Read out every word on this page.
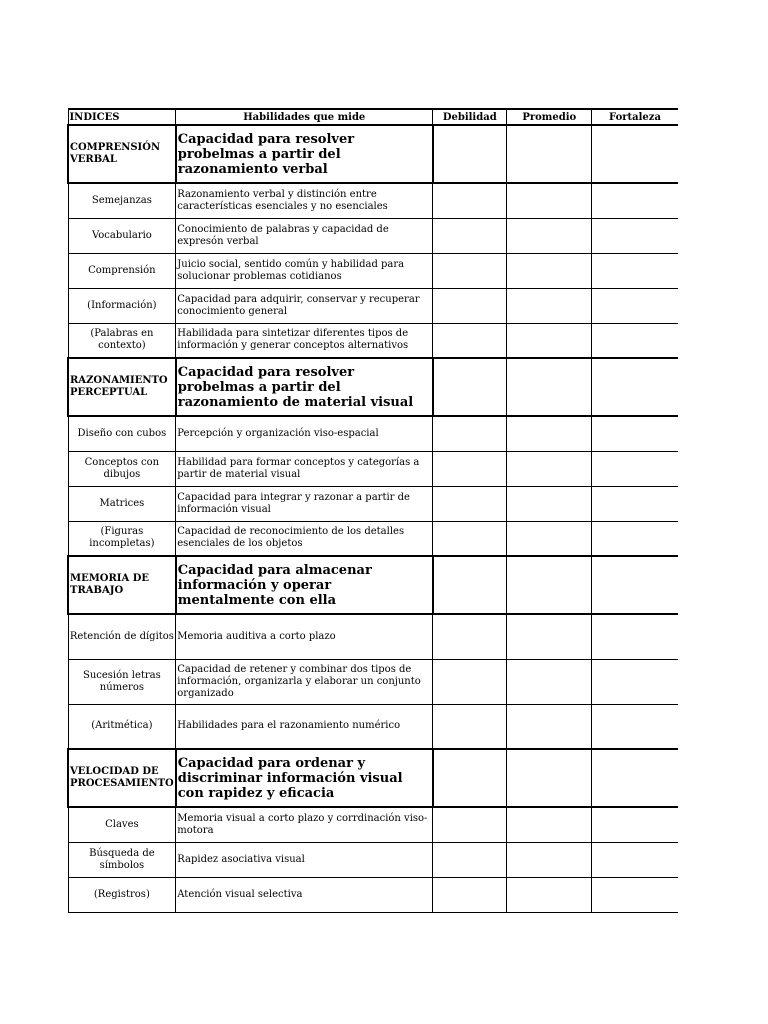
INDICES	Habilidades que mide	Debilidad	Promedio	Fortaleza
COMPRENSIÓN VERBAL	Capacidad para resolver probelmas a partir del razonamiento verbal			
Semejanzas	Razonamiento verbal y distinción entre características esenciales y no esenciales			
Vocabulario	Conocimiento de palabras y capacidad de expresón verbal			
Comprensión	Juicio social, sentido común y habilidad para solucionar problemas cotidianos			
(Información)	Capacidad para adquirir, conservar y recuperar conocimiento general			
(Palabras en contexto)	Habilidada para sintetizar diferentes tipos de información y generar conceptos alternativos			
RAZONAMIENTO PERCEPTUAL	Capacidad para resolver probelmas a partir del razonamiento de material visual			
Diseño con cubos	Percepción y organización viso-espacial			
Conceptos con dibujos	Habilidad para formar conceptos y categorías a partir de material visual			
Matrices	Capacidad para integrar y razonar a partir de información visual			
(Figuras incompletas)	Capacidad de reconocimiento de los detalles esenciales de los objetos			
MEMORIA DE TRABAJO	Capacidad para almacenar información y operar mentalmente con ella			
Retención de dígitos	Memoria auditiva a corto plazo			
Sucesión letras números	Capacidad de retener y combinar dos tipos de información, organizarla y elaborar un conjunto organizado			
(Aritmética)	Habilidades para el razonamiento numérico			
VELOCIDAD DE PROCESAMIENTO	Capacidad para ordenar y discriminar información visual con rapidez y eficacia			
Claves	Memoria visual a corto plazo y corrdinación viso-motora			
Búsqueda de símbolos	Rapidez asociativa visual			
(Registros)	Atención visual selectiva			
